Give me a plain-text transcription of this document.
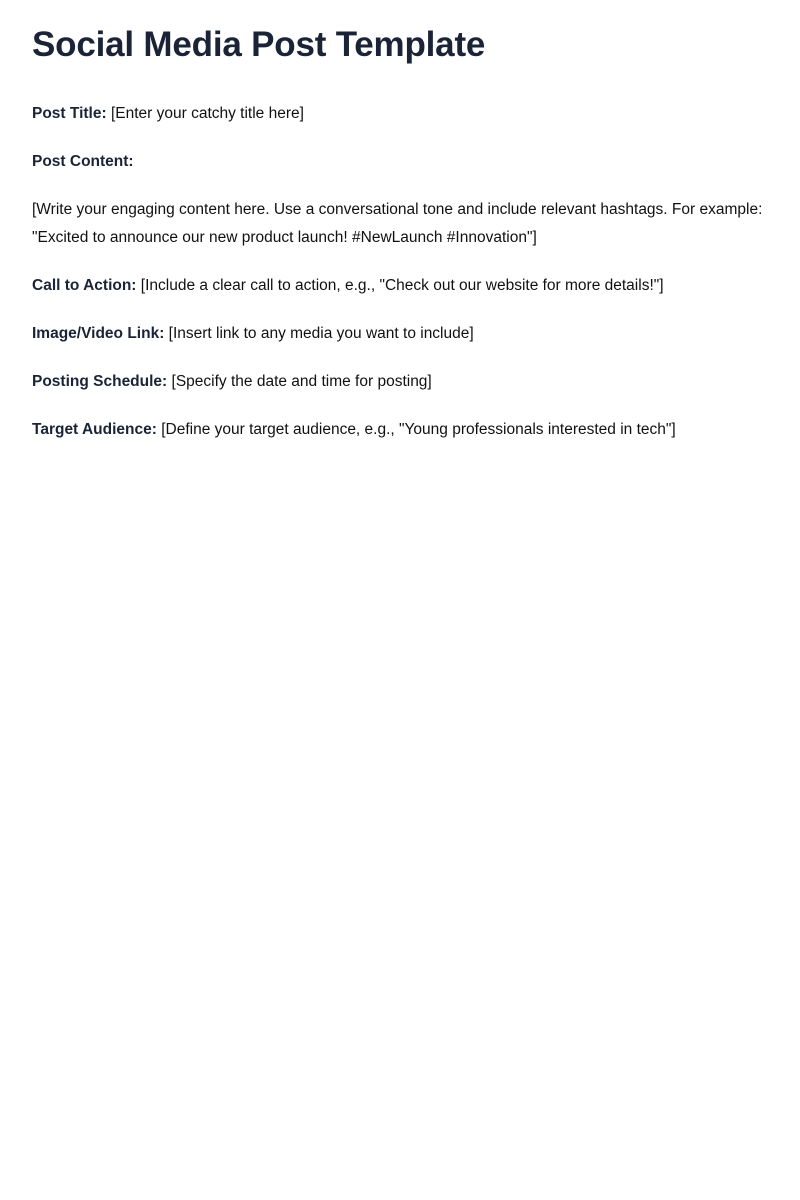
Social Media Post Template

Post Title: [Enter your catchy title here]

Post Content:

[Write your engaging content here. Use a conversational tone and include relevant hashtags. For example: "Excited to announce our new product launch! #NewLaunch #Innovation"]

Call to Action: [Include a clear call to action, e.g., "Check out our website for more details!"]

Image/Video Link: [Insert link to any media you want to include]

Posting Schedule: [Specify the date and time for posting]

Target Audience: [Define your target audience, e.g., "Young professionals interested in tech"]
